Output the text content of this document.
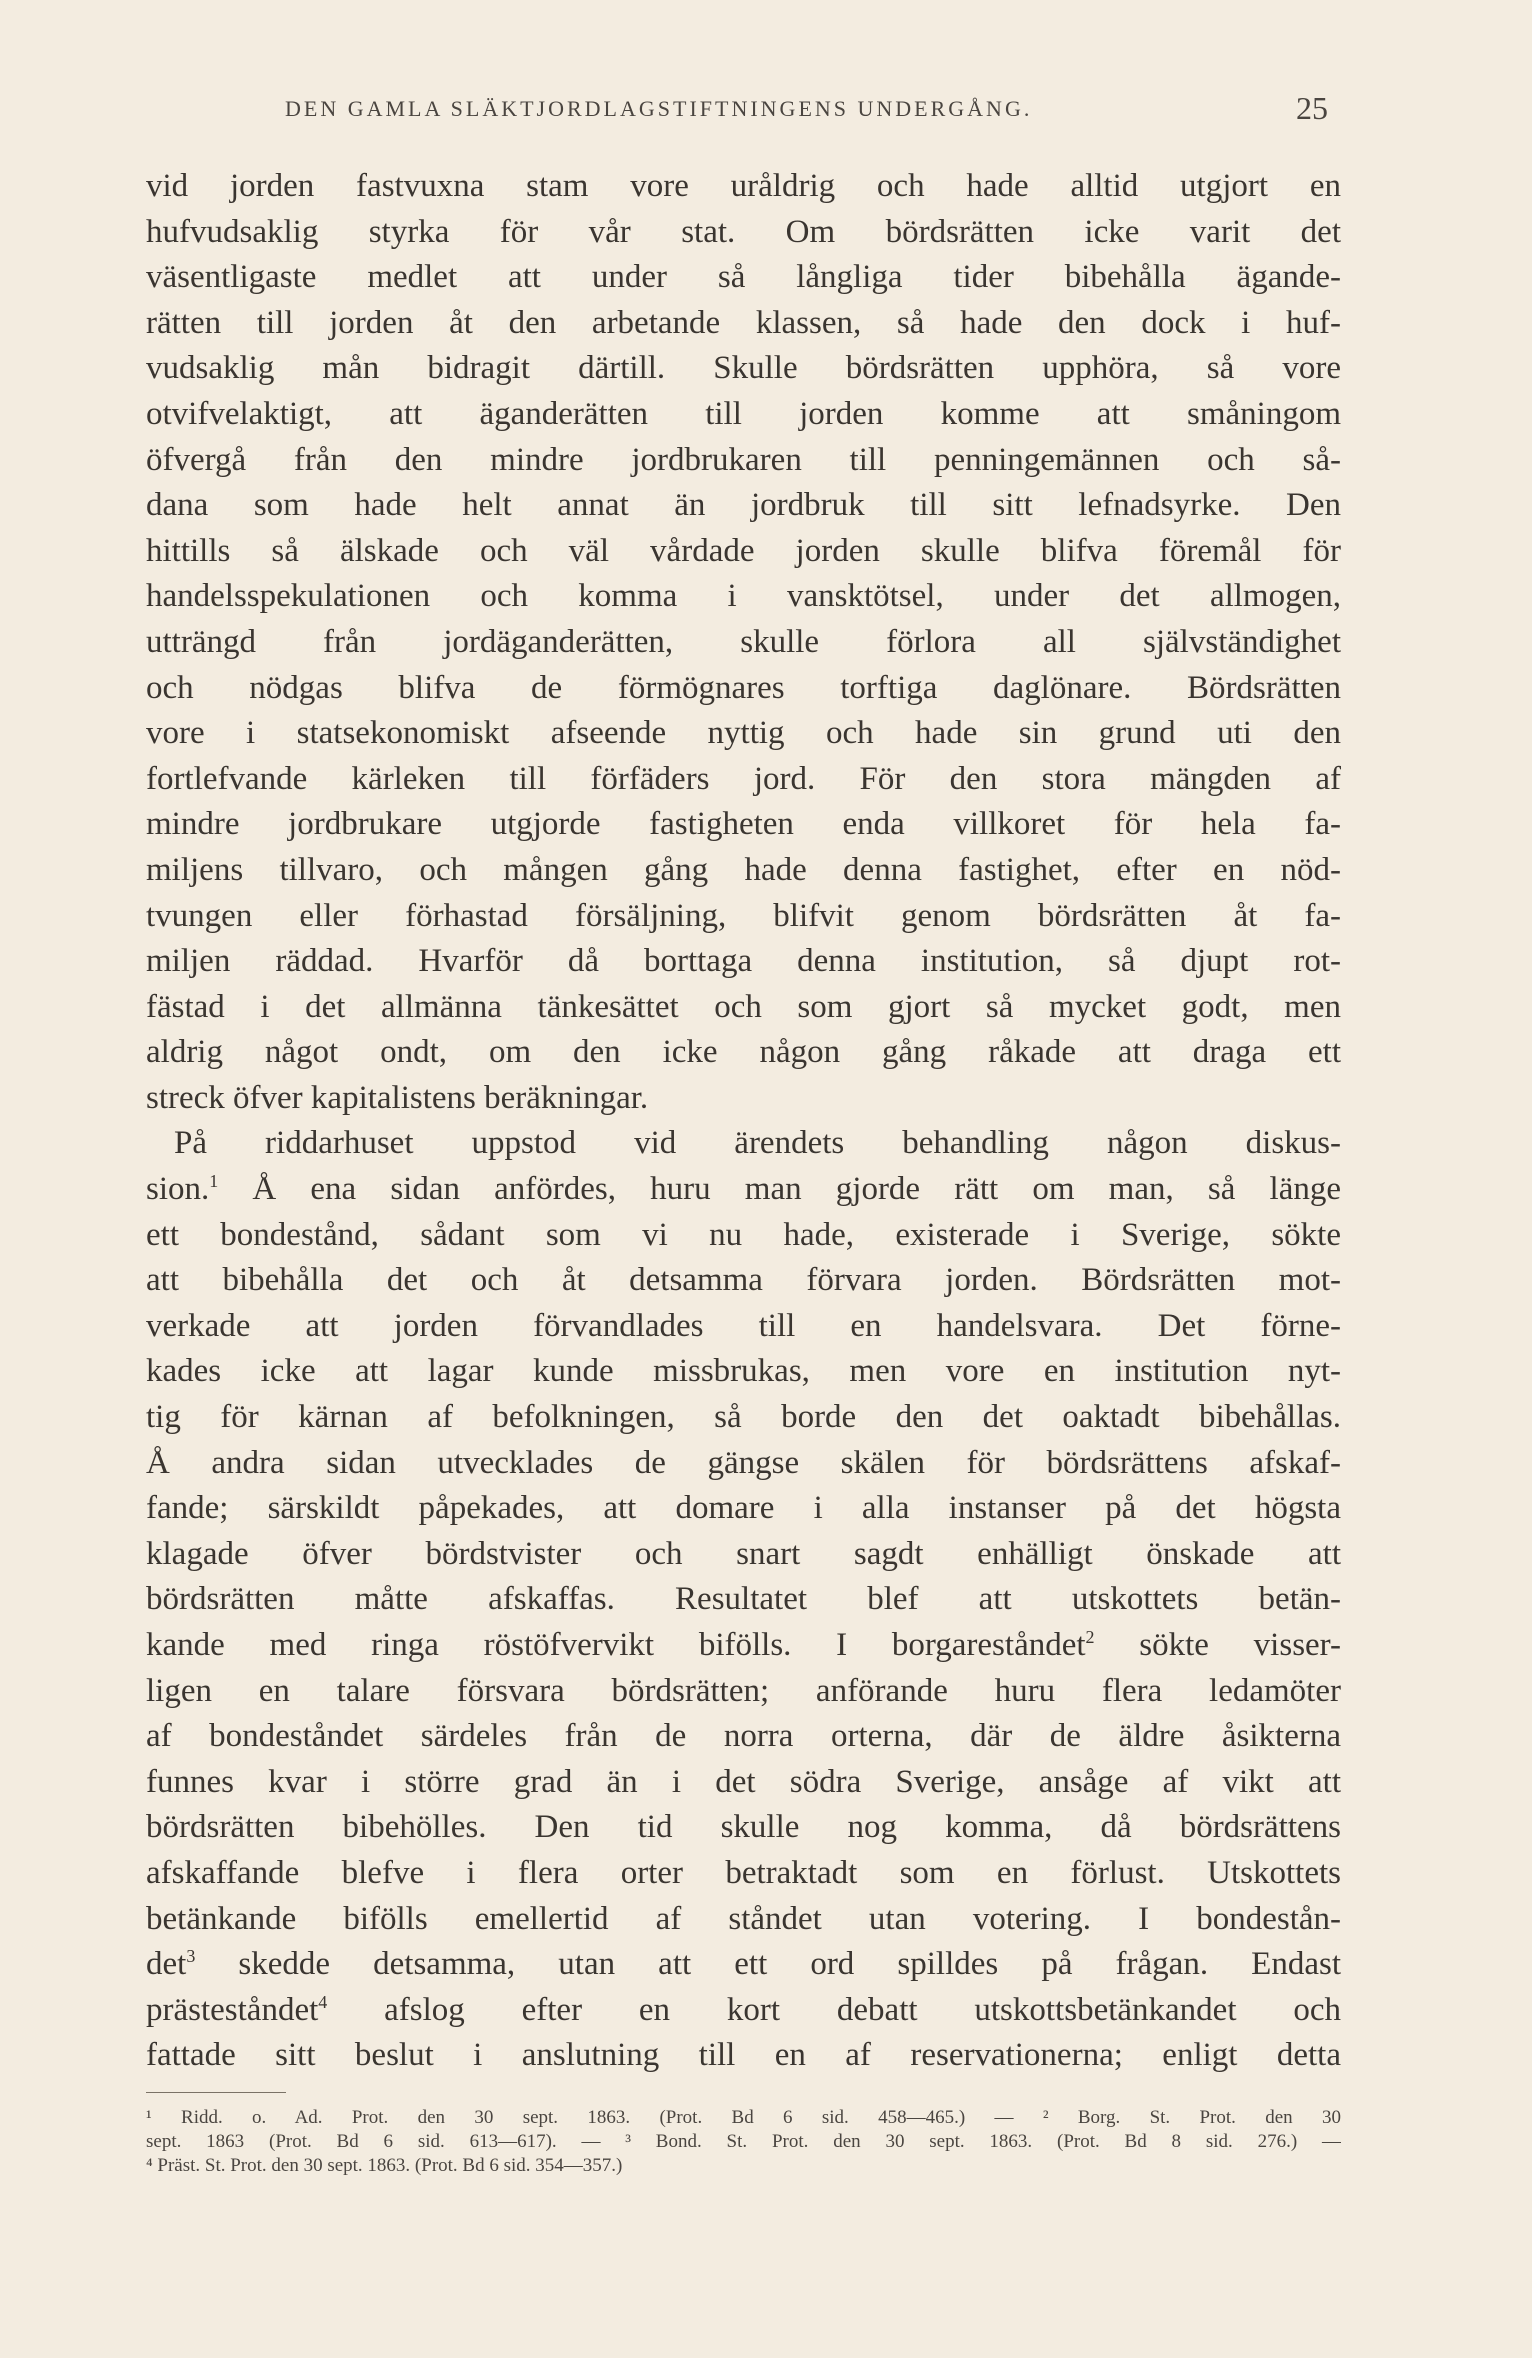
DEN GAMLA SLÄKTJORDLAGSTIFTNINGENS UNDERGÅNG.	25
vid jorden fastvuxna stam vore uråldrig och hade alltid utgjort en
hufvudsaklig styrka för vår stat. Om bördsrätten icke varit det
väsentligaste medlet att under så långliga tider bibehålla ägande-
rätten till jorden åt den arbetande klassen, så hade den dock i huf-
vudsaklig mån bidragit därtill. Skulle bördsrätten upphöra, så vore
otvifvelaktigt, att äganderätten till jorden komme att småningom
öfvergå från den mindre jordbrukaren till penningemännen och så-
dana som hade helt annat än jordbruk till sitt lefnadsyrke. Den
hittills så älskade och väl vårdade jorden skulle blifva föremål för
handelsspekulationen och komma i vansktötsel, under det allmogen,
utträngd från jordäganderätten, skulle förlora all självständighet
och nödgas blifva de förmögnares torftiga daglönare. Bördsrätten
vore i statsekonomiskt afseende nyttig och hade sin grund uti den
fortlefvande kärleken till förfäders jord. För den stora mängden af
mindre jordbrukare utgjorde fastigheten enda villkoret för hela fa-
miljens tillvaro, och mången gång hade denna fastighet, efter en nöd-
tvungen eller förhastad försäljning, blifvit genom bördsrätten åt fa-
miljen räddad. Hvarför då borttaga denna institution, så djupt rot-
fästad i det allmänna tänkesättet och som gjort så mycket godt, men
aldrig något ondt, om den icke någon gång råkade att draga ett
streck öfver kapitalistens beräkningar.
På riddarhuset uppstod vid ärendets behandling någon diskus-
sion.$^1$ Å ena sidan anfördes, huru man gjorde rätt om man, så länge
ett bondestånd, sådant som vi nu hade, existerade i Sverige, sökte
att bibehålla det och åt detsamma förvara jorden. Bördsrätten mot-
verkade att jorden förvandlades till en handelsvara. Det förne-
kades icke att lagar kunde missbrukas, men vore en institution nyt-
tig för kärnan af befolkningen, så borde den det oaktadt bibehållas.
Å andra sidan utvecklades de gängse skälen för bördsrättens afskaf-
fande; särskildt påpekades, att domare i alla instanser på det högsta
klagade öfver bördstvister och snart sagdt enhälligt önskade att
bördsrätten måtte afskaffas. Resultatet blef att utskottets betän-
kande med ringa röstöfvervikt bifölls. I borgareståndet$^2$ sökte visser-
ligen en talare försvara bördsrätten; anförande huru flera ledamöter
af bondeståndet särdeles från de norra orterna, där de äldre åsikterna
funnes kvar i större grad än i det södra Sverige, ansåge af vikt att
bördsrätten bibehölles. Den tid skulle nog komma, då bördsrättens
afskaffande blefve i flera orter betraktadt som en förlust. Utskottets
betänkande bifölls emellertid af ståndet utan votering. I bondestån-
$\det^3$ skedde detsamma, utan att ett ord spilldes på frågan. Endast
prästeståndet$^4$ afslog efter en kort debatt utskottsbetänkandet och
fattade sitt beslut i anslutning till en af reservationerna; enligt detta
¹ Ridd. o. Ad. Prot. den 30 sept. 1863. (Prot. Bd 6 sid. 458—465.) — ² Borg. St. Prot. den 30
sept. 1863 (Prot. Bd 6 sid. 613—617). — ³ Bond. St. Prot. den 30 sept. 1863. (Prot. Bd 8 sid. 276.) —
⁴ Präst. St. Prot. den 30 sept. 1863. (Prot. Bd 6 sid. 354—357.)
